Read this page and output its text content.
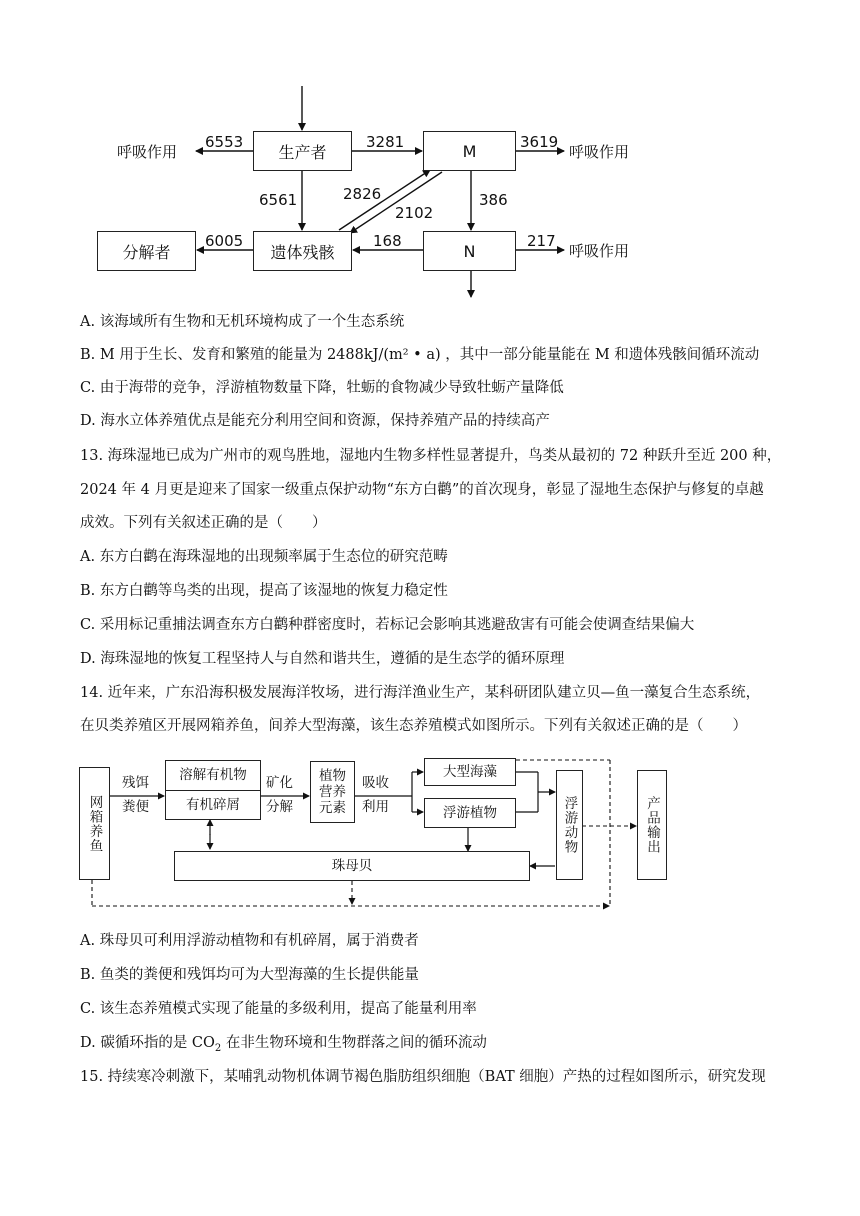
生产者	M
分解者	遗体残骸	N
呼吸作用	呼吸作用
呼吸作用
6553	3281	3619
6561	2826
2102
386
6005	168	217
A. 该海域所有生物和无机环境构成了一个生态系统
B. M 用于生长、发育和繁殖的能量为 2488kJ/(m² • a) ，其中一部分能量能在 M 和遗体残骸间循环流动
C. 由于海带的竞争，浮游植物数量下降，牡蛎的食物减少导致牡蛎产量降低
D. 海水立体养殖优点是能充分利用空间和资源，保持养殖产品的持续高产
13. 海珠湿地已成为广州市的观鸟胜地，湿地内生物多样性显著提升，鸟类从最初的 72 种跃升至近 200 种，
2024 年 4 月更是迎来了国家一级重点保护动物“东方白鹳”的首次现身，彰显了湿地生态保护与修复的卓越
成效。下列有关叙述正确的是（　　）
A. 东方白鹳在海珠湿地的出现频率属于生态位的研究范畴
B. 东方白鹳等鸟类的出现，提高了该湿地的恢复力稳定性
C. 采用标记重捕法调查东方白鹳种群密度时，若标记会影响其逃避敌害有可能会使调查结果偏大
D. 海珠湿地的恢复工程坚持人与自然和谐共生，遵循的是生态学的循环原理
14. 近年来，广东沿海积极发展海洋牧场，进行海洋渔业生产，某科研团队建立贝—鱼一藻复合生态系统，
在贝类养殖区开展网箱养鱼，间养大型海藻，该生态养殖模式如图所示。下列有关叙述正确的是（　　）
网箱养鱼
残饵
粪便
溶解有机物
有机碎屑
矿化
分解
植物营养元素
吸收
利用
大型海藻
浮游植物	浮游动物	产品输出
珠母贝
A. 珠母贝可利用浮游动植物和有机碎屑，属于消费者
B. 鱼类的粪便和残饵均可为大型海藻的生长提供能量
C. 该生态养殖模式实现了能量的多级利用，提高了能量利用率
D. 碳循环指的是 $CO_2$ 在非生物环境和生物群落之间的循环流动
15. 持续寒冷刺激下，某哺乳动物机体调节褐色脂肪组织细胞（BAT 细胞）产热的过程如图所示，研究发现
